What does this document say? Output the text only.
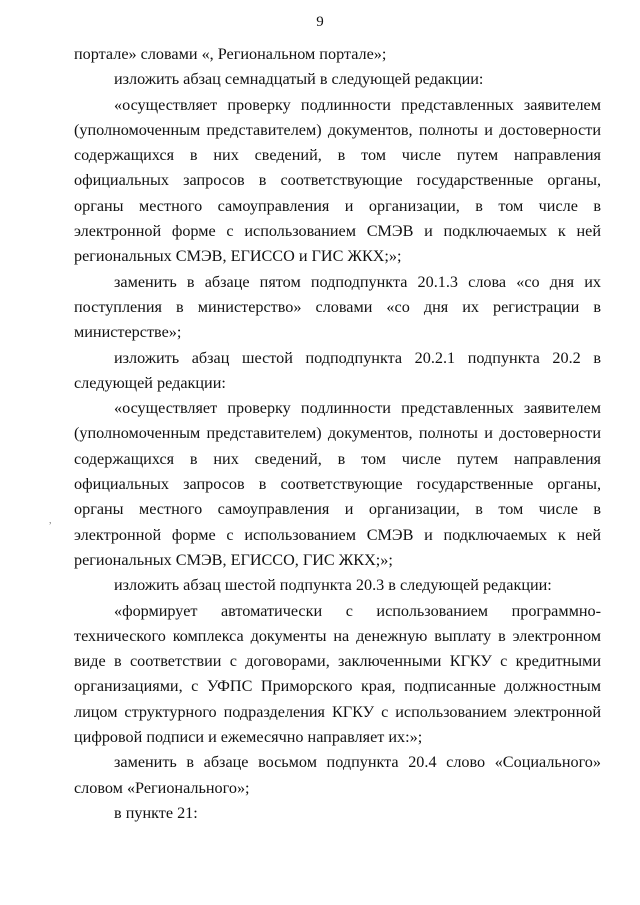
9
,

портале» словами «, Региональном портале»;

изложить абзац семнадцатый в следующей редакции:

«осуществляет проверку подлинности представленных заявителем (уполномоченным представителем) документов, полноты и достоверности содержащихся в них сведений, в том числе путем направления официальных запросов в соответствующие государственные органы, органы местного самоуправления и организации, в том числе в электронной форме с использованием СМЭВ и подключаемых к ней региональных СМЭВ, ЕГИССО и ГИС ЖКХ;»;

заменить в абзаце пятом подподпункта 20.1.3 слова «со дня их поступления в министерство» словами «со дня их регистрации в министерстве»;

изложить абзац шестой подподпункта 20.2.1 подпункта 20.2 в следующей редакции:

«осуществляет проверку подлинности представленных заявителем (уполномоченным представителем) документов, полноты и достоверности содержащихся в них сведений, в том числе путем направления официальных запросов в соответствующие государственные органы, органы местного самоуправления и организации, в том числе в электронной форме с использованием СМЭВ и подключаемых к ней региональных СМЭВ, ЕГИССО, ГИС ЖКХ;»;

изложить абзац шестой подпункта 20.3 в следующей редакции:

«формирует автоматически с использованием программно-технического комплекса документы на денежную выплату в электронном виде в соответствии с договорами, заключенными КГКУ с кредитными организациями, с УФПС Приморского края, подписанные должностным лицом структурного подразделения КГКУ с использованием электронной цифровой подписи и ежемесячно направляет их:»;

заменить в абзаце восьмом подпункта 20.4 слово «Социального» словом «Регионального»;

в пункте 21:
